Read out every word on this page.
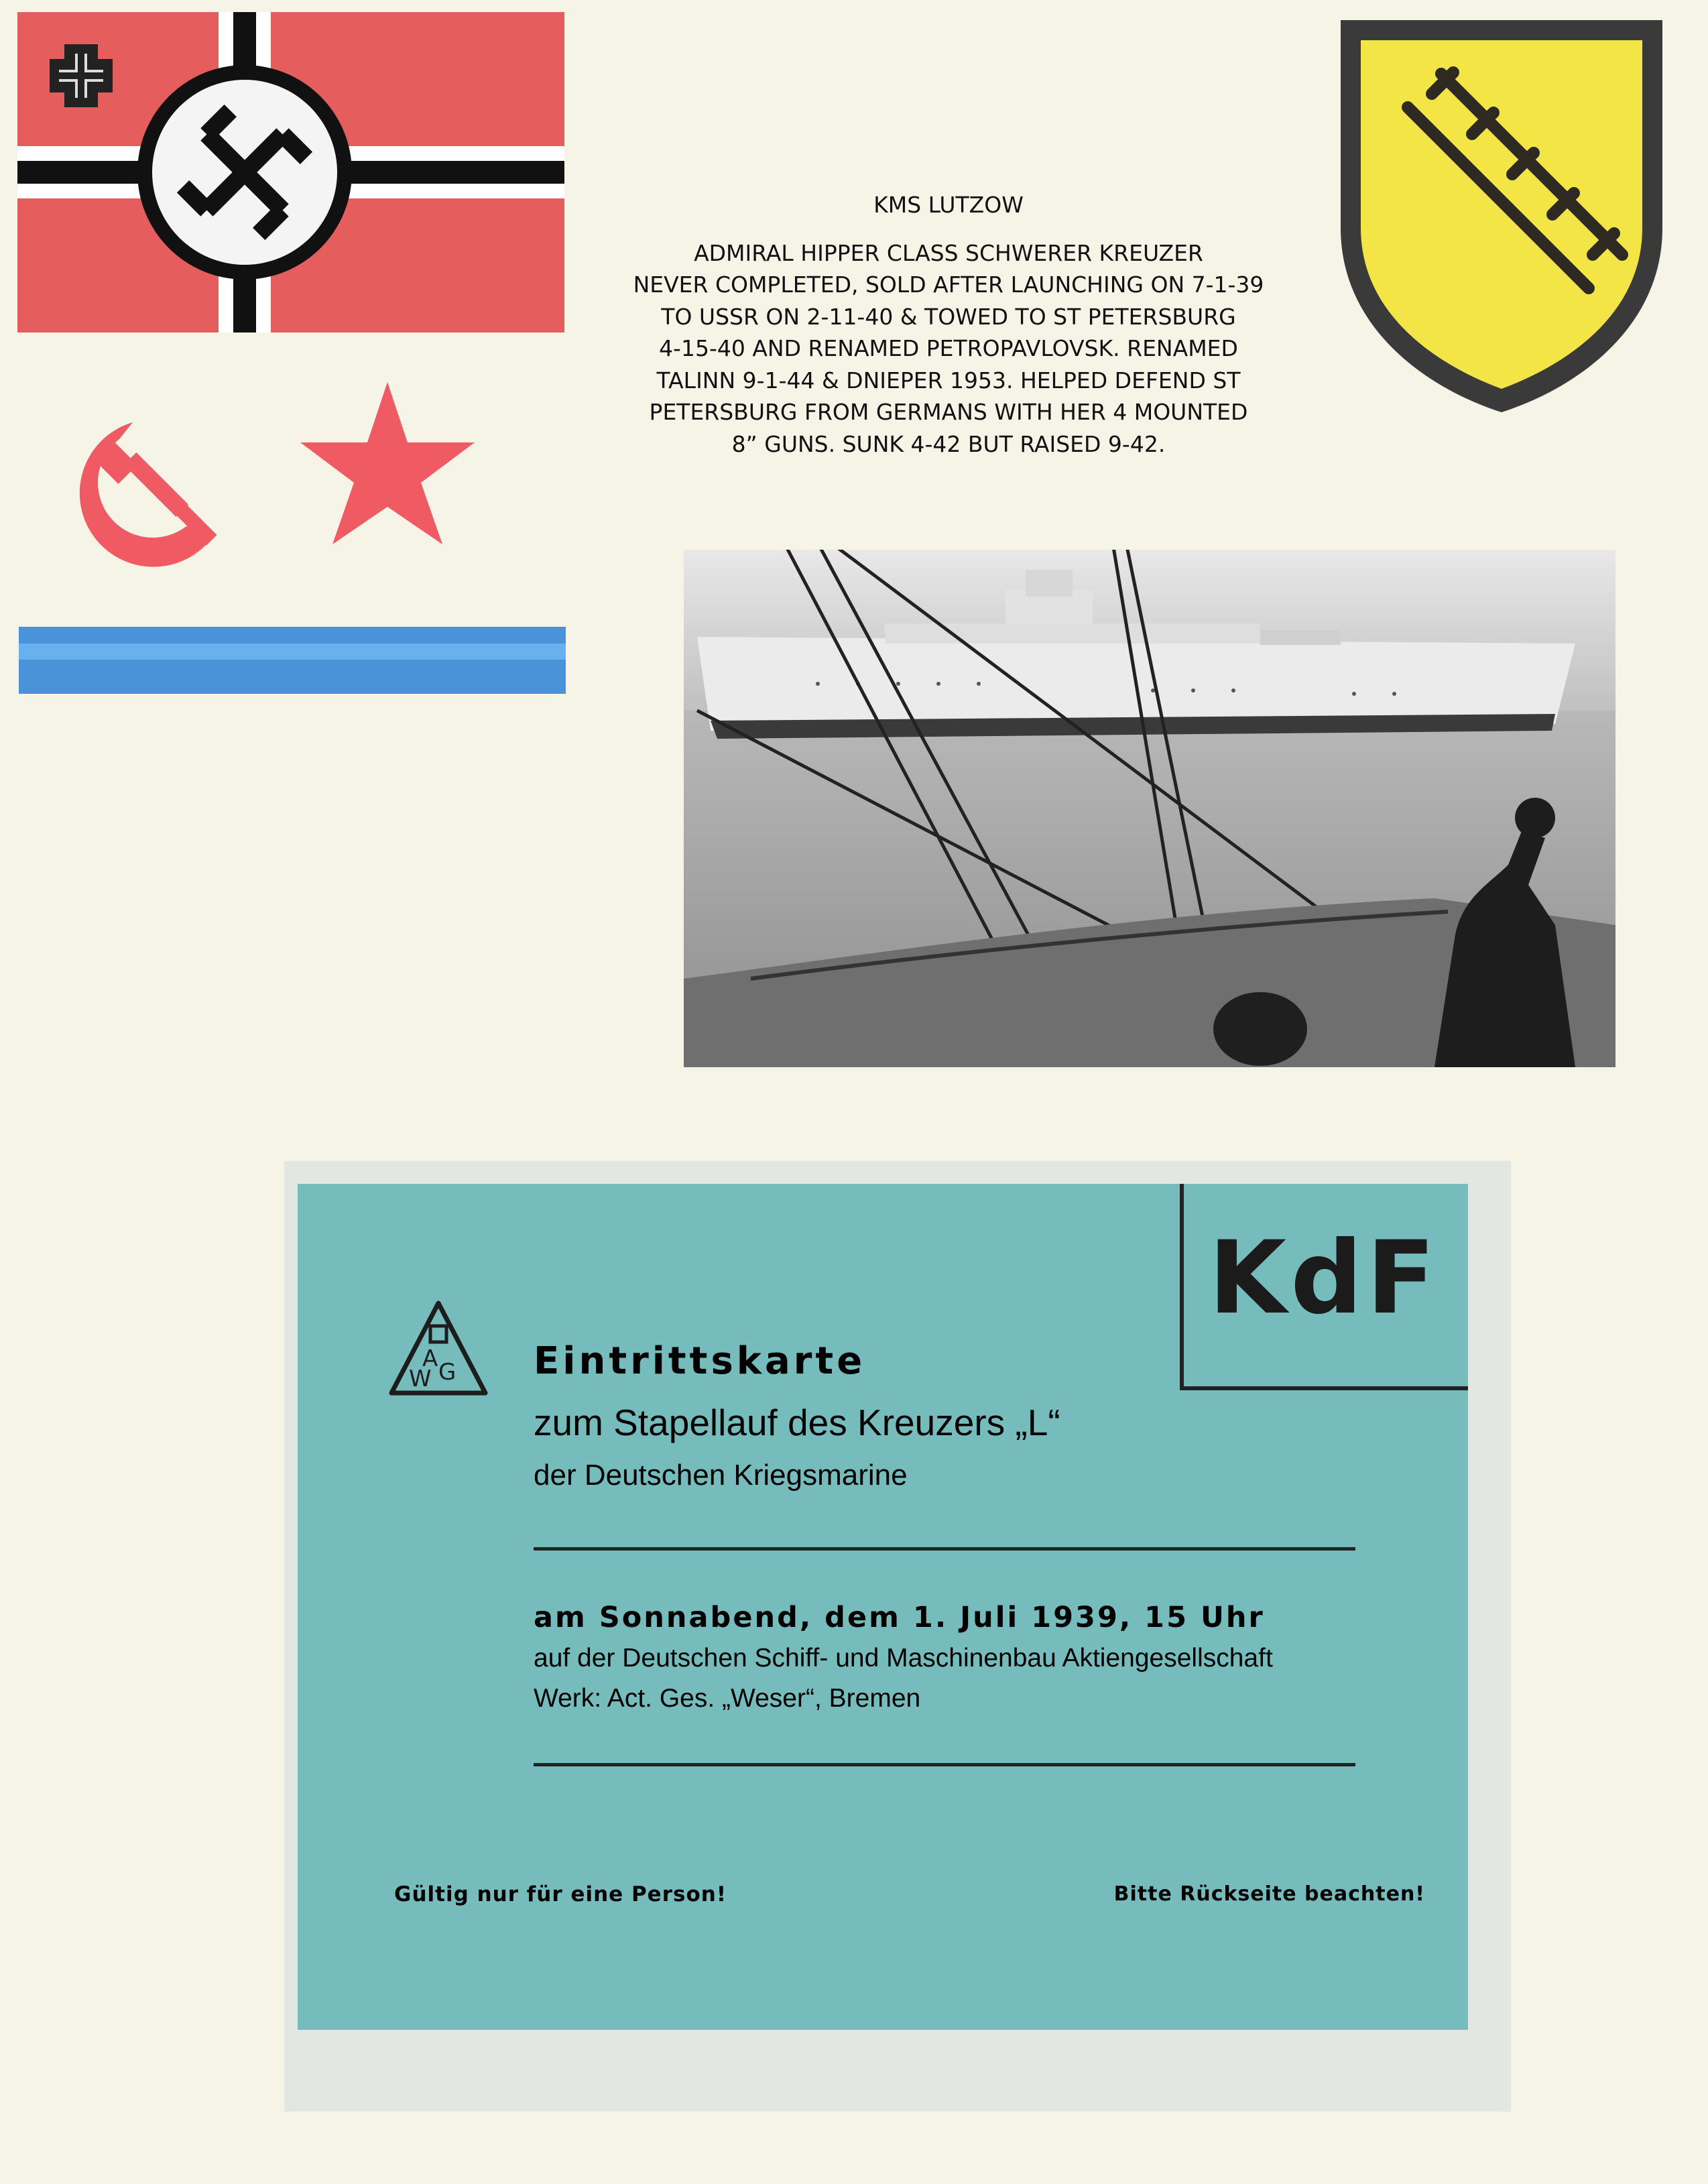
KMS LUTZOW
ADMIRAL HIPPER CLASS SCHWERER KREUZER
NEVER COMPLETED, SOLD AFTER LAUNCHING ON 7-1-39
TO USSR ON 2-11-40 & TOWED TO ST PETERSBURG
4-15-40 AND RENAMED PETROPAVLOVSK. RENAMED
TALINN 9-1-44 & DNIEPER 1953. HELPED DEFEND ST
PETERSBURG FROM GERMANS WITH HER 4 MOUNTED
8” GUNS. SUNK 4-42 BUT RAISED 9-42.
KdF
A G
W	Eintrittskarte
zum Stapellauf des Kreuzers „L“
der Deutschen Kriegsmarine
am Sonnabend, dem 1. Juli 1939, 15 Uhr
auf der Deutschen Schiff- und Maschinenbau Aktiengesellschaft
Werk: Act. Ges. „Weser“, Bremen
Gültig nur für eine Person!	Bitte Rückseite beachten!
